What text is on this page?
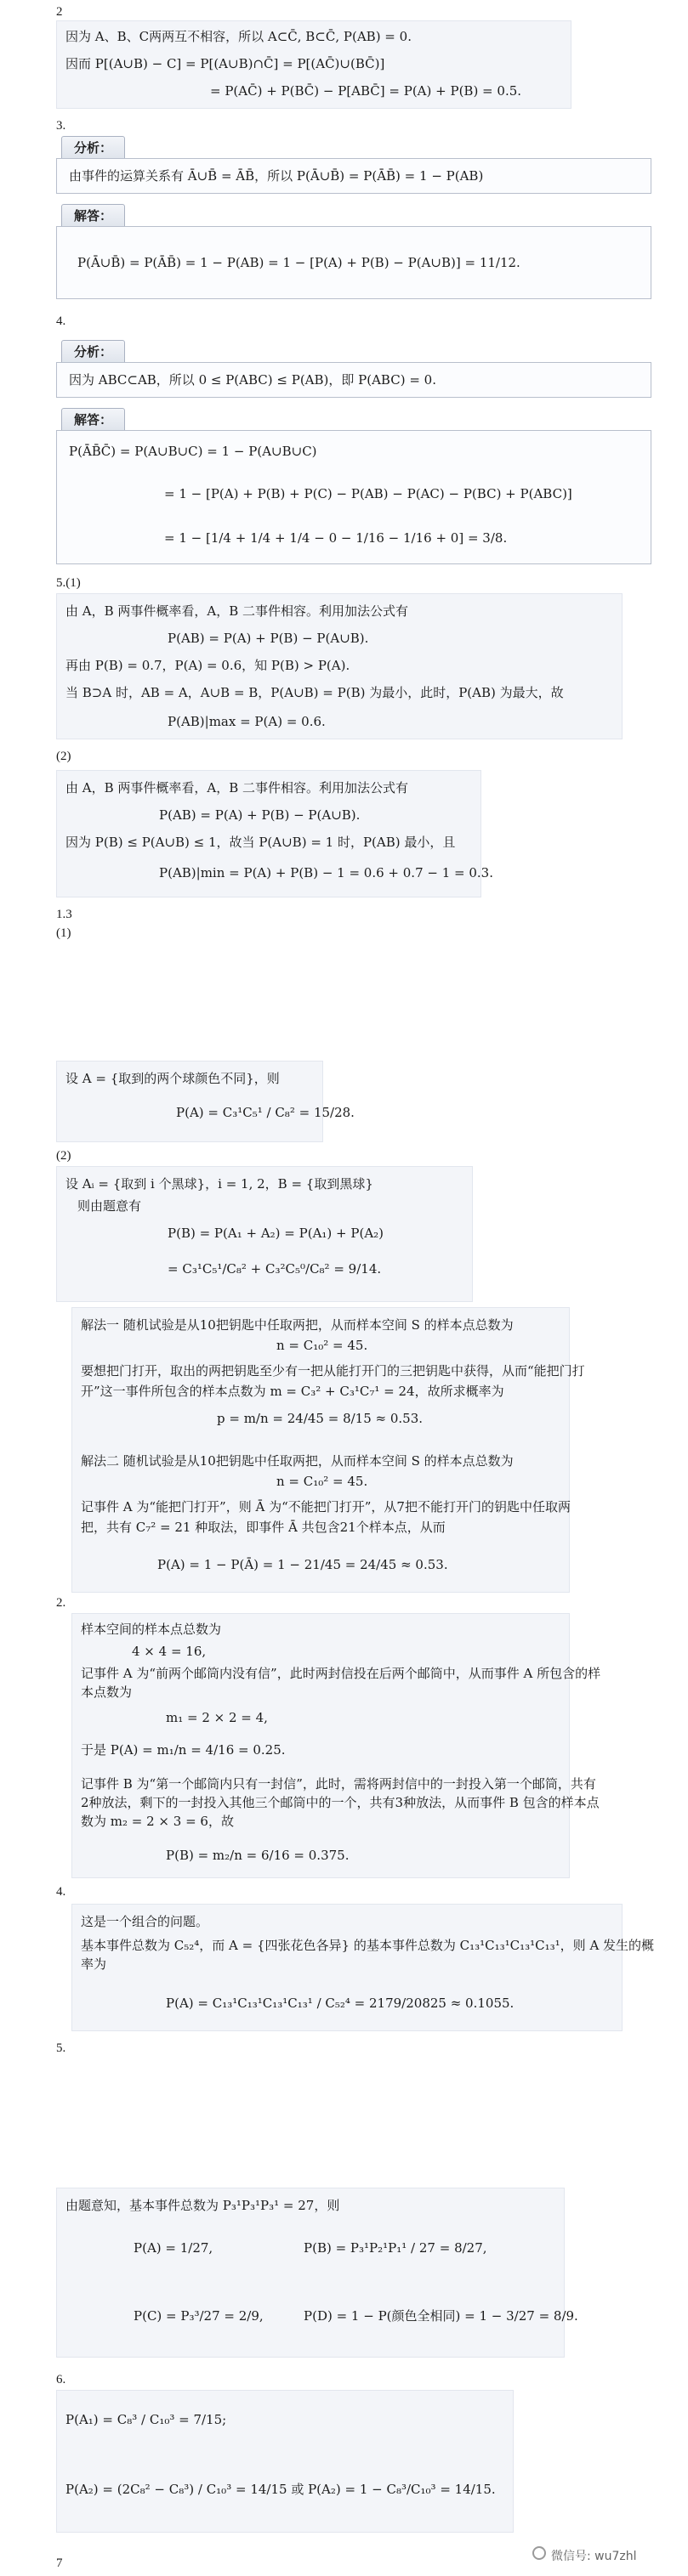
2
因为 A、B、C两两互不相容，所以 A⊂C̄, B⊂C̄, P(AB) = 0.
因而 P[(A∪B) − C] = P[(A∪B)∩C̄] = P[(AC̄)∪(BC̄)]
= P(AC̄) + P(BC̄) − P[ABC̄] = P(A) + P(B) = 0.5.
3.
分析：
由事件的运算关系有 Ā∪B̄ = ĀB̄，所以 P(Ā∪B̄) = P(ĀB̄) = 1 − P(AB)
解答：
P(Ā∪B̄) = P(ĀB̄) = 1 − P(AB) = 1 − [P(A) + P(B) − P(A∪B)] = 11/12.
4.
分析：
因为 ABC⊂AB，所以 0 ≤ P(ABC) ≤ P(AB)，即 P(ABC) = 0.
解答：
P(ĀB̄C̄) = P(A∪B∪C) = 1 − P(A∪B∪C)
= 1 − [P(A) + P(B) + P(C) − P(AB) − P(AC) − P(BC) + P(ABC)]
= 1 − [1/4 + 1/4 + 1/4 − 0 − 1/16 − 1/16 + 0] = 3/8.
5.(1)
由 A，B 两事件概率看，A，B 二事件相容。利用加法公式有
P(AB) = P(A) + P(B) − P(A∪B).
再由 P(B) = 0.7，P(A) = 0.6，知 P(B) > P(A).
当 B⊃A 时，AB = A，A∪B = B，P(A∪B) = P(B) 为最小，此时，P(AB) 为最大，故
P(AB)|max = P(A) = 0.6.
(2)
由 A，B 两事件概率看，A，B 二事件相容。利用加法公式有
P(AB) = P(A) + P(B) − P(A∪B).
因为 P(B) ≤ P(A∪B) ≤ 1，故当 P(A∪B) = 1 时，P(AB) 最小，且
P(AB)|min = P(A) + P(B) − 1 = 0.6 + 0.7 − 1 = 0.3.
1.3
(1)
设 A = {取到的两个球颜色不同}，则
P(A) = C₃¹C₅¹ / C₈² = 15/28.
(2)
设 Aᵢ = {取到 i 个黑球}，i = 1, 2，B = {取到黑球}
则由题意有
P(B) = P(A₁ + A₂) = P(A₁) + P(A₂)
= C₃¹C₅¹/C₈² + C₃²C₅⁰/C₈² = 9/14.
解法一 随机试验是从10把钥匙中任取两把，从而样本空间 S 的样本点总数为
n = C₁₀² = 45.
要想把门打开，取出的两把钥匙至少有一把从能打开门的三把钥匙中获得，从而“能把门打
开”这一事件所包含的样本点数为 m = C₃² + C₃¹C₇¹ = 24，故所求概率为
p = m/n = 24/45 = 8/15 ≈ 0.53.
解法二 随机试验是从10把钥匙中任取两把，从而样本空间 S 的样本点总数为
n = C₁₀² = 45.
记事件 A 为“能把门打开”，则 Ā 为“不能把门打开”，从7把不能打开门的钥匙中任取两
把，共有 C₇² = 21 种取法，即事件 Ā 共包含21个样本点，从而
P(A) = 1 − P(Ā) = 1 − 21/45 = 24/45 ≈ 0.53.
2.
样本空间的样本点总数为
4 × 4 = 16,
记事件 A 为“前两个邮筒内没有信”，此时两封信投在后两个邮筒中，从而事件 A 所包含的样
本点数为
m₁ = 2 × 2 = 4,
于是 P(A) = m₁/n = 4/16 = 0.25.
记事件 B 为“第一个邮筒内只有一封信”，此时，需将两封信中的一封投入第一个邮筒，共有
2种放法，剩下的一封投入其他三个邮筒中的一个，共有3种放法，从而事件 B 包含的样本点
数为 m₂ = 2 × 3 = 6，故
P(B) = m₂/n = 6/16 = 0.375.
4.
这是一个组合的问题。
基本事件总数为 C₅₂⁴，而 A = {四张花色各异} 的基本事件总数为 C₁₃¹C₁₃¹C₁₃¹C₁₃¹，则 A 发生的概
率为
P(A) = C₁₃¹C₁₃¹C₁₃¹C₁₃¹ / C₅₂⁴ = 2179/20825 ≈ 0.1055.
5.
由题意知，基本事件总数为 P₃¹P₃¹P₃¹ = 27，则
P(A) = 1/27,	P(B) = P₃¹P₂¹P₁¹ / 27 = 8/27,
P(C) = P₃³/27 = 2/9,	P(D) = 1 − P(颜色全相同) = 1 − 3/27 = 8/9.
6.
P(A₁) = C₈³ / C₁₀³ = 7/15;
P(A₂) = (2C₈² − C₈³) / C₁₀³ = 14/15 或 P(A₂) = 1 − C₈³/C₁₀³ = 14/15.
7	微信号: wu7zhl
